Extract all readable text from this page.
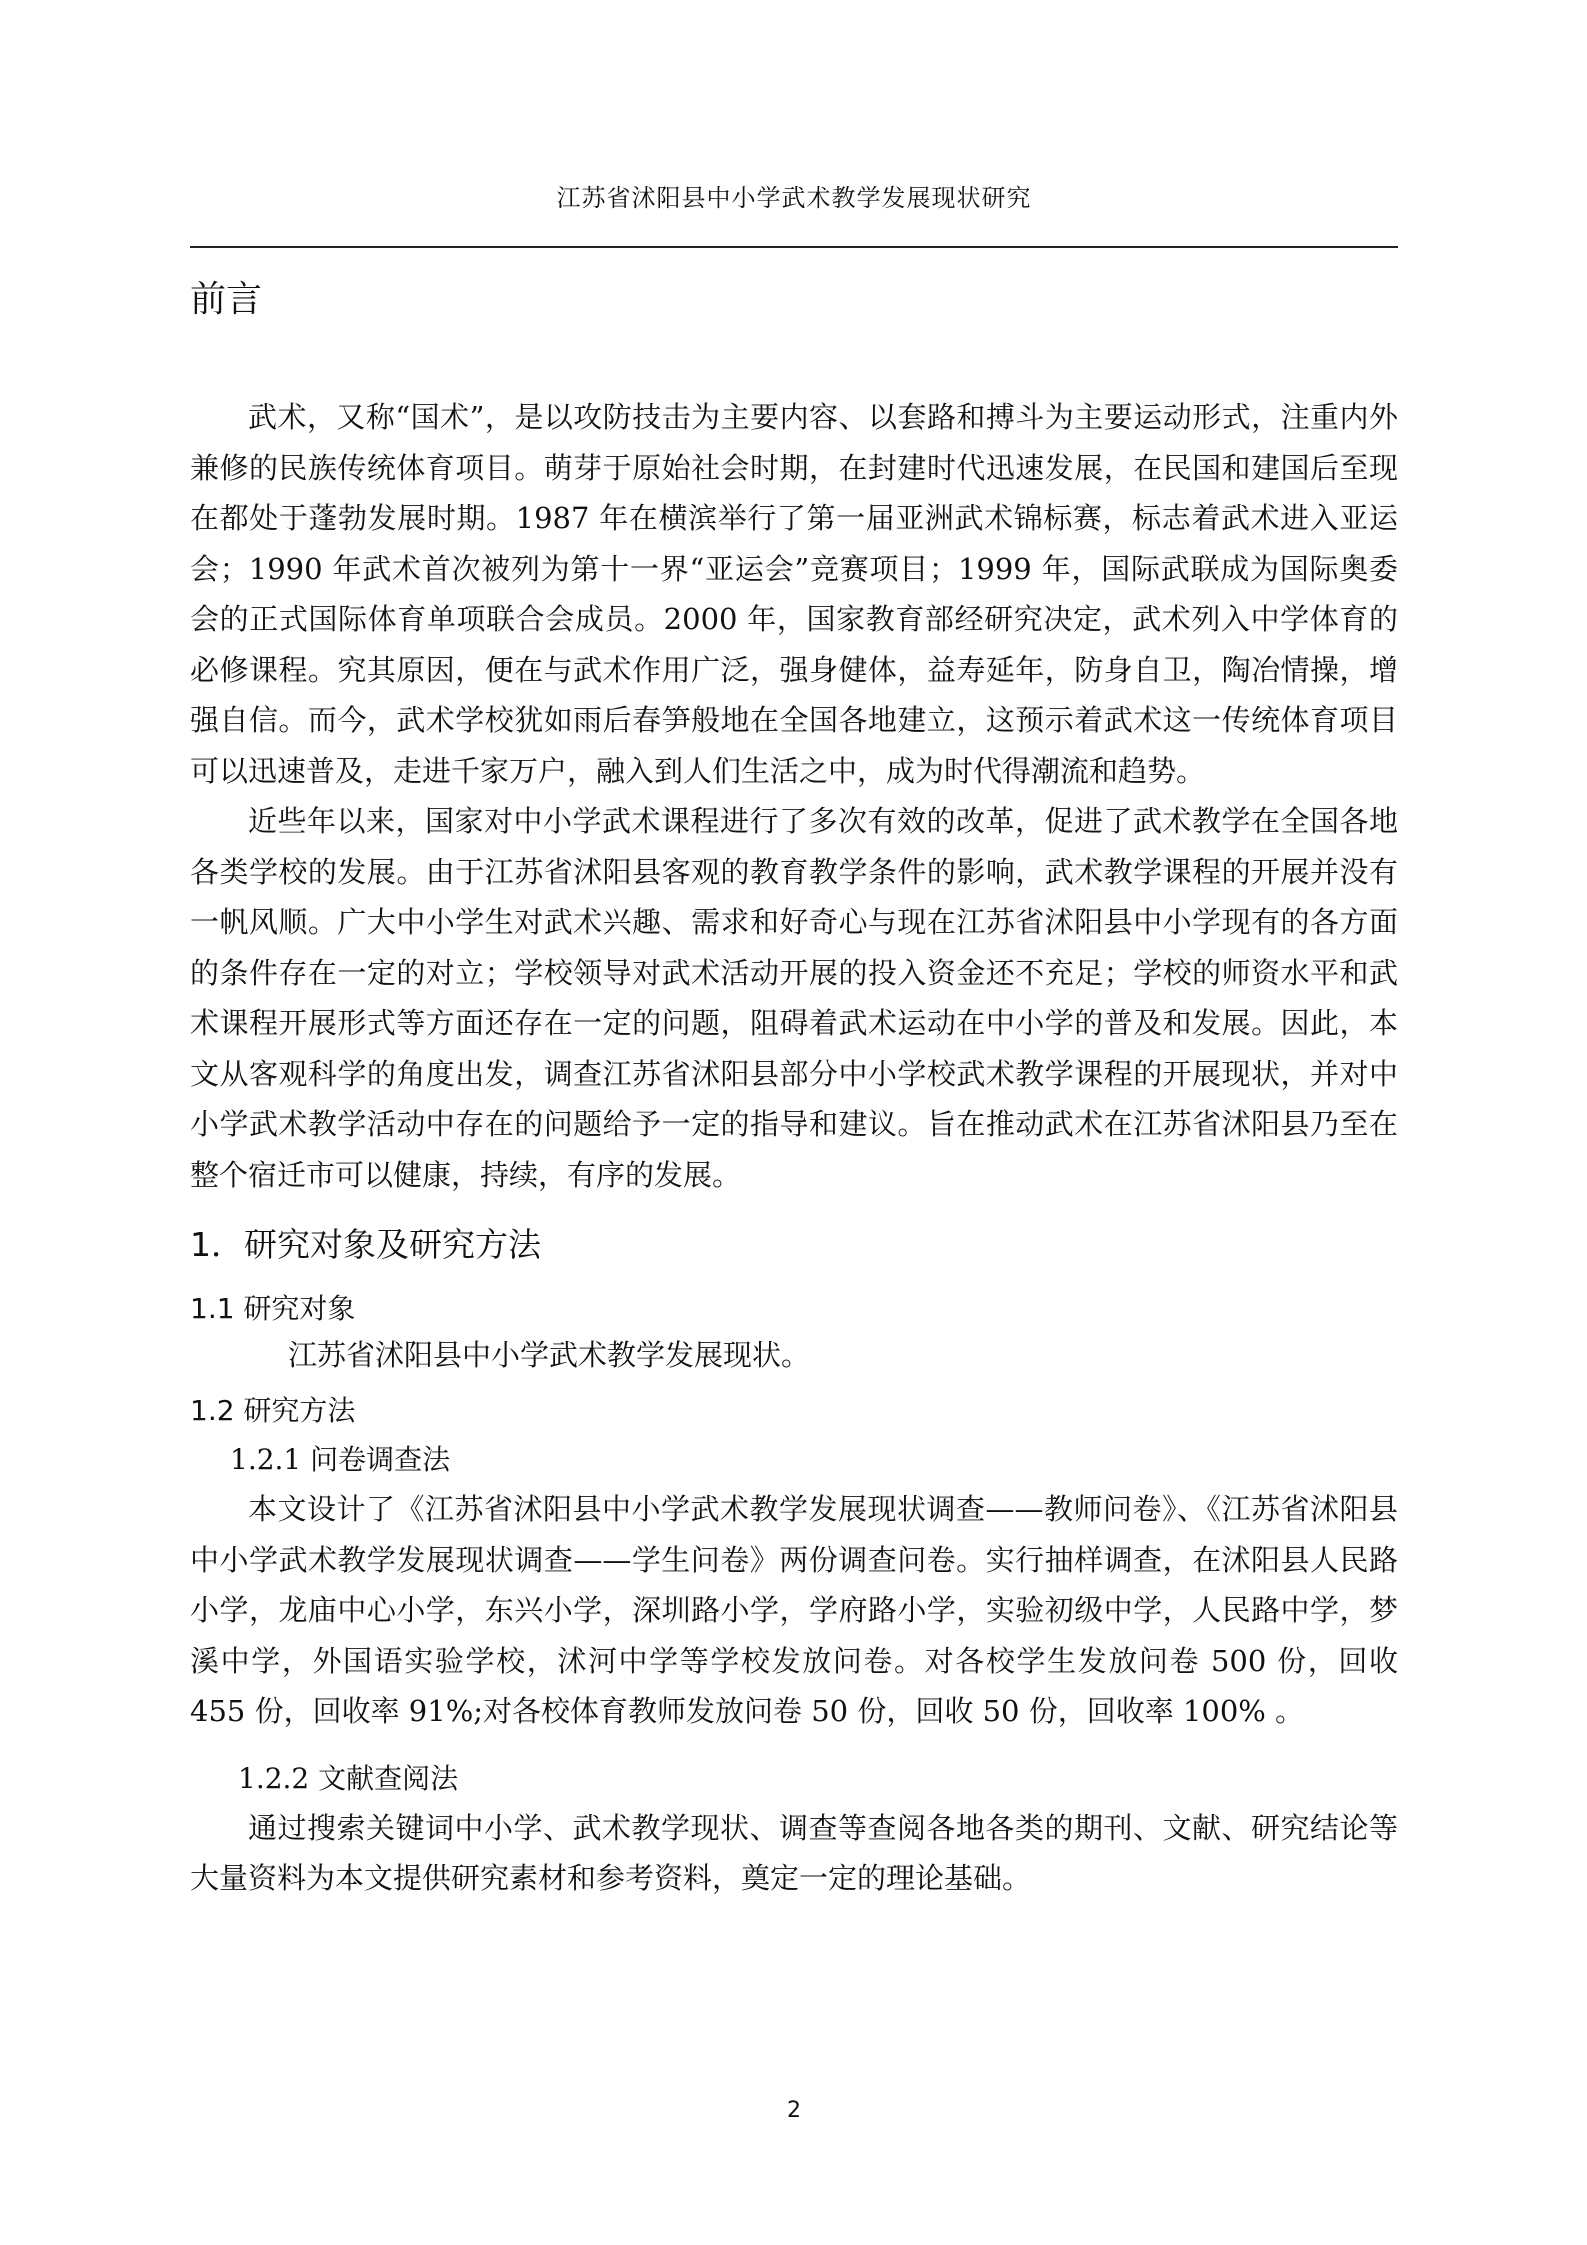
江苏省沭阳县中小学武术教学发展现状研究
前言

武术，又称“国术”，是以攻防技击为主要内容、以套路和搏斗为主要运动形式，注重内外兼修的民族传统体育项目。萌芽于原始社会时期，在封建时代迅速发展，在民国和建国后至现在都处于蓬勃发展时期。1987 年在横滨举行了第一届亚洲武术锦标赛，标志着武术进入亚运会；1990 年武术首次被列为第十一界“亚运会”竞赛项目；1999 年，国际武联成为国际奥委会的正式国际体育单项联合会成员。2000 年，国家教育部经研究决定，武术列入中学体育的必修课程。究其原因，便在与武术作用广泛，强身健体，益寿延年，防身自卫，陶冶情操，增强自信。而今，武术学校犹如雨后春笋般地在全国各地建立，这预示着武术这一传统体育项目可以迅速普及，走进千家万户，融入到人们生活之中，成为时代得潮流和趋势。

近些年以来，国家对中小学武术课程进行了多次有效的改革，促进了武术教学在全国各地各类学校的发展。由于江苏省沭阳县客观的教育教学条件的影响，武术教学课程的开展并没有一帆风顺。广大中小学生对武术兴趣、需求和好奇心与现在江苏省沭阳县中小学现有的各方面的条件存在一定的对立；学校领导对武术活动开展的投入资金还不充足；学校的师资水平和武术课程开展形式等方面还存在一定的问题，阻碍着武术运动在中小学的普及和发展。因此，本文从客观科学的角度出发，调查江苏省沭阳县部分中小学校武术教学课程的开展现状，并对中小学武术教学活动中存在的问题给予一定的指导和建议。旨在推动武术在江苏省沭阳县乃至在整个宿迁市可以健康，持续，有序的发展。

1．研究对象及研究方法
1.1 研究对象

江苏省沭阳县中小学武术教学发展现状。

1.2 研究方法
1.2.1 问卷调查法

本文设计了《江苏省沭阳县中小学武术教学发展现状调查——教师问卷》、《江苏省沭阳县中小学武术教学发展现状调查——学生问卷》两份调查问卷。实行抽样调查，在沭阳县人民路小学，龙庙中心小学，东兴小学，深圳路小学，学府路小学，实验初级中学，人民路中学，梦溪中学，外国语实验学校，沭河中学等学校发放问卷。对各校学生发放问卷 500 份，回收 455 份，回收率 91%;对各校体育教师发放问卷 50 份，回收 50 份，回收率 100% 。

1.2.2 文献查阅法

通过搜索关键词中小学、武术教学现状、调查等查阅各地各类的期刊、文献、研究结论等大量资料为本文提供研究素材和参考资料，奠定一定的理论基础。

2
